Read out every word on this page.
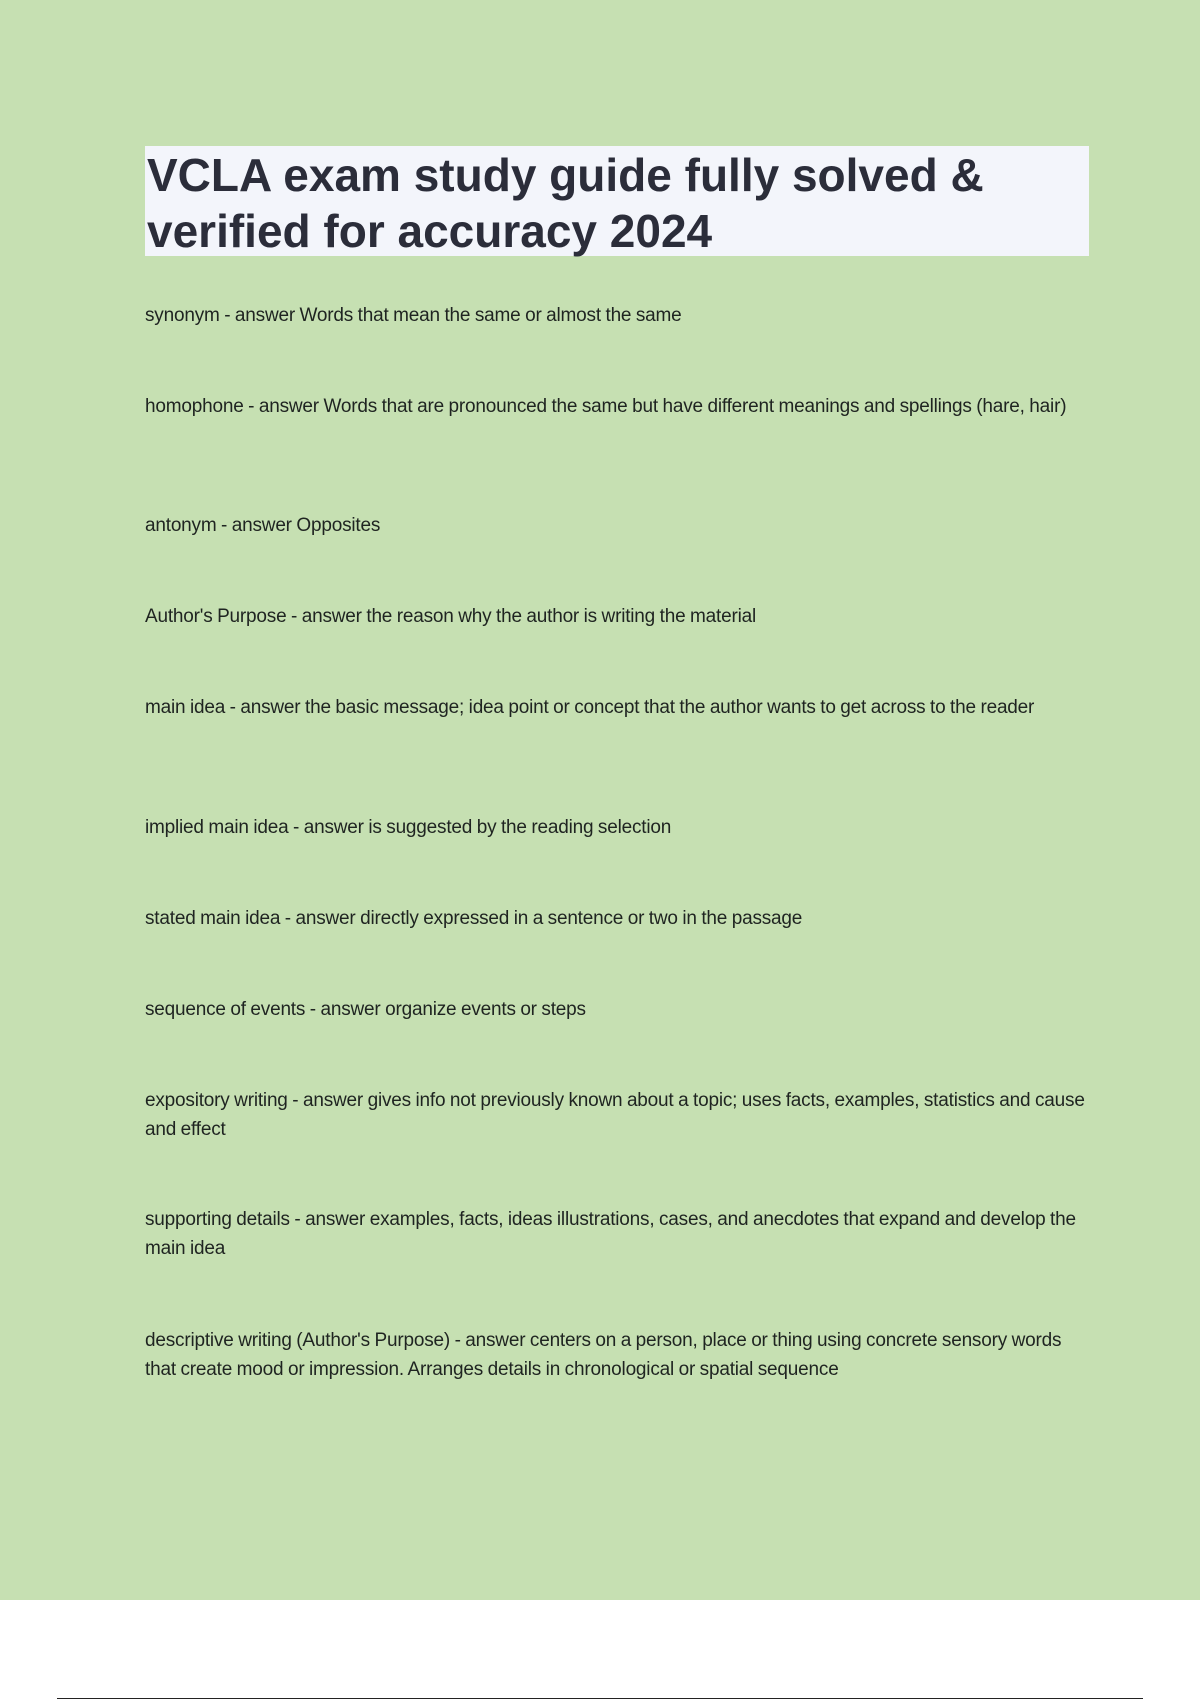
VCLA exam study guide fully solved & verified for accuracy 2024

synonym - answer Words that mean the same or almost the same

homophone - answer Words that are pronounced the same but have different meanings and spellings (hare, hair)

antonym - answer Opposites

Author's Purpose - answer the reason why the author is writing the material

main idea - answer the basic message; idea point or concept that the author wants to get across to the reader

implied main idea - answer is suggested by the reading selection

stated main idea - answer directly expressed in a sentence or two in the passage

sequence of events - answer organize events or steps

expository writing - answer gives info not previously known about a topic; uses facts, examples, statistics and cause and effect

supporting details - answer examples, facts, ideas illustrations, cases, and anecdotes that expand and develop the main idea

descriptive writing (Author's Purpose) - answer centers on a person, place or thing using concrete sensory words that create mood or impression. Arranges details in chronological or spatial sequence
